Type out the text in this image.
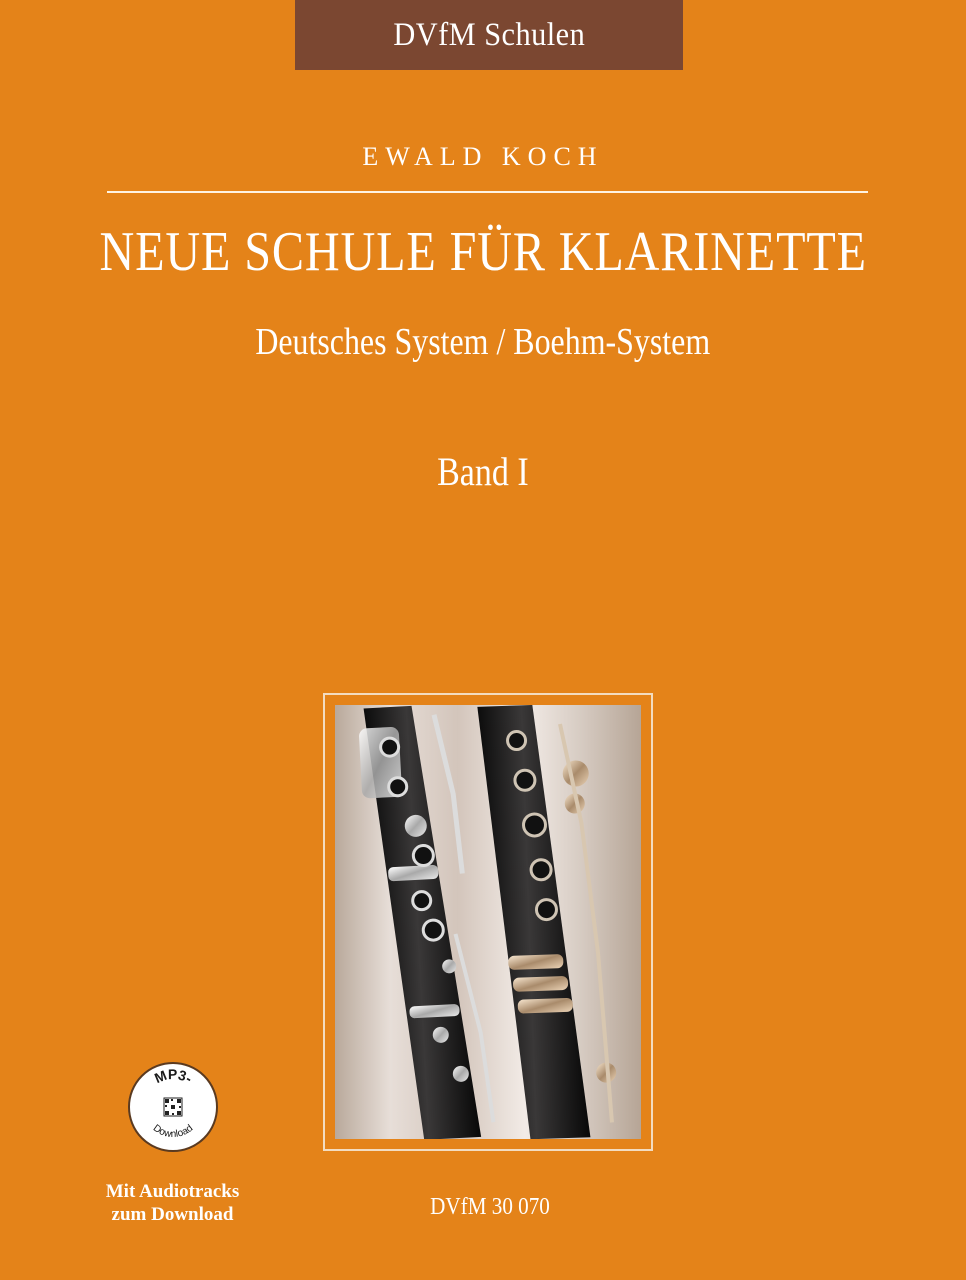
DVfM Schulen
EWALD KOCH
NEUE SCHULE FÜR KLARINETTE
Deutsches System / Boehm-System
Band I
MP3-
Download
Mit Audiotracks
zum Download	DVfM 30 070
